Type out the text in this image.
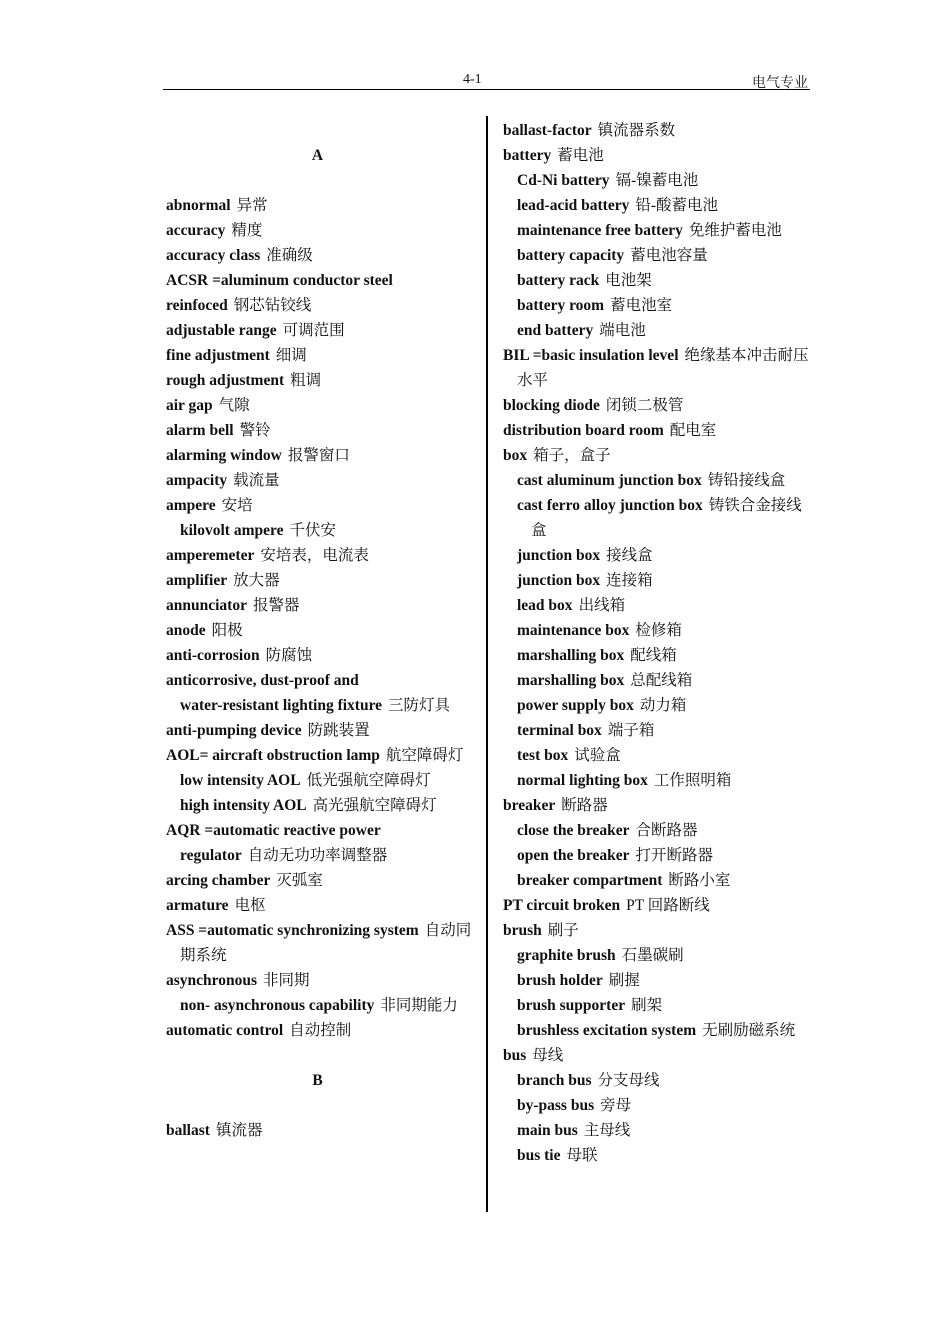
4-1	电气专业
A
abnormal 异常
accuracy 精度
accuracy class 准确级
ACSR =aluminum conductor steel
reinfoced 钢芯钻铰线
adjustable range 可调范围
fine adjustment 细调
rough adjustment 粗调
air gap 气隙
alarm bell 警铃
alarming window 报警窗口
ampacity 载流量
ampere 安培
kilovolt ampere 千伏安
amperemeter 安培表，电流表
amplifier 放大器
annunciator 报警器
anode 阳极
anti-corrosion 防腐蚀
anticorrosive, dust-proof and
water-resistant lighting fixture 三防灯具
anti-pumping device 防跳装置
AOL= aircraft obstruction lamp 航空障碍灯
low intensity AOL 低光强航空障碍灯
high intensity AOL 高光强航空障碍灯
AQR =automatic reactive power
regulator 自动无功功率调整器
arcing chamber 灭弧室
armature 电枢
ASS =automatic synchronizing system 自动同期系统
asynchronous 非同期
non- asynchronous capability 非同期能力
automatic control 自动控制
B
ballast 镇流器
ballast-factor 镇流器系数
battery 蓄电池
Cd-Ni battery 镉-镍蓄电池
lead-acid battery 铅-酸蓄电池
maintenance free battery 免维护蓄电池
battery capacity 蓄电池容量
battery rack 电池架
battery room 蓄电池室
end battery 端电池
BIL =basic insulation level 绝缘基本冲击耐压水平
blocking diode 闭锁二极管
distribution board room 配电室
box 箱子，盒子
cast aluminum junction box 铸铅接线盒
cast ferro alloy junction box 铸铁合金接线盒
junction box 接线盒
junction box 连接箱
lead box 出线箱
maintenance box 检修箱
marshalling box 配线箱
marshalling box 总配线箱
power supply box 动力箱
terminal box 端子箱
test box 试验盒
normal lighting box 工作照明箱
breaker 断路器
close the breaker 合断路器
open the breaker 打开断路器
breaker compartment 断路小室
PT circuit broken PT 回路断线
brush 刷子
graphite brush 石墨碳刷
brush holder 刷握
brush supporter 刷架
brushless excitation system 无刷励磁系统
bus 母线
branch bus 分支母线
by-pass bus 旁母
main bus 主母线
bus tie 母联
